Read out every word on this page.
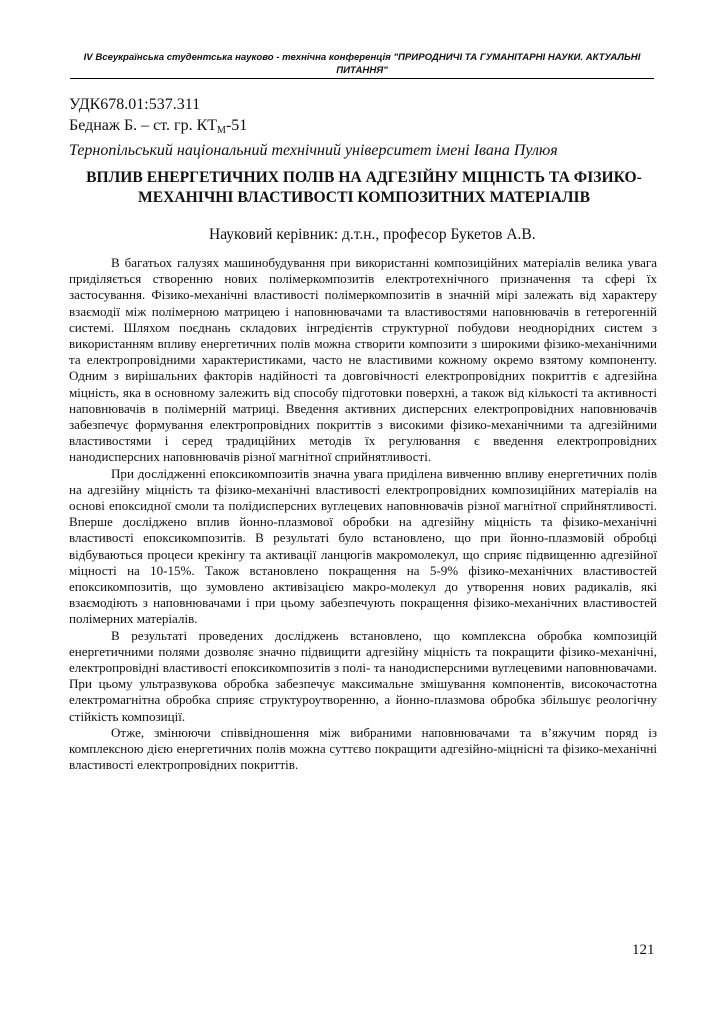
IV Всеукраїнська студентська науково - технічна конференція "ПРИРОДНИЧІ ТА ГУМАНІТАРНІ НАУКИ. АКТУАЛЬНІ ПИТАННЯ"
УДК678.01:537.311
Беднаж Б. – ст. гр. $КТ_М-51$
Тернопільський національний технічний університет імені Івана Пулюя
ВПЛИВ ЕНЕРГЕТИЧНИХ ПОЛІВ НА АДГЕЗІЙНУ МІЦНІСТЬ ТА ФІЗИКО-МЕХАНІЧНІ ВЛАСТИВОСТІ КОМПОЗИТНИХ МАТЕРІАЛІВ
Науковий керівник: д.т.н., професор Букетов А.В.

В багатьох галузях машинобудування при використанні композиційних матеріалів велика увага приділяється створенню нових полімеркомпозитів електротехнічного призначення та сфері їх застосування. Фізико-механічні властивості полімеркомпозитів в значній мірі залежать від характеру взаємодії між полімерною матрицею і наповнювачами та властивостями наповнювачів в гетерогенній системі. Шляхом поєднань складових інгредієнтів структурної побудови неоднорідних систем з використанням впливу енергетичних полів можна створити композити з широкими фізико-механічними та електропровідними характеристиками, часто не властивими кожному окремо взятому компоненту. Одним з вирішальних факторів надійності та довговічності електропровідних покриттів є адгезійна міцність, яка в основному залежить від способу підготовки поверхні, а також від кількості та активності наповнювачів в полімерній матриці. Введення активних дисперсних електропровідних наповнювачів забезпечує формування електропровідних покриттів з високими фізико-механічними та адгезійними властивостями і серед традиційних методів їх регулювання є введення електропровідних нанодисперсних наповнювачів різної магнітної сприйнятливості.

При дослідженні епоксикомпозитів значна увага приділена вивченню впливу енергетичних полів на адгезійну міцність та фізико-механічні властивості електропровідних композиційних матеріалів на основі епоксидної смоли та полідисперсних вуглецевих наповнювачів різної магнітної сприйнятливості. Вперше досліджено вплив йонно-плазмової обробки на адгезійну міцність та фізико-механічні властивості епоксикомпозитів. В результаті було встановлено, що при йонно-плазмовій обробці відбуваються процеси крекінгу та активації ланцюгів макромолекул, що сприяє підвищенню адгезійної міцності на 10-15%. Також встановлено покращення на 5-9% фізико-механічних властивостей епоксикомпозитів, що зумовлено активізацією макро-молекул до утворення нових радикалів, які взаємодіють з наповнювачами і при цьому забезпечують покращення фізико-механічних властивостей полімерних матеріалів.

В результаті проведених досліджень встановлено, що комплексна обробка композицій енергетичними полями дозволяє значно підвищити адгезійну міцність та покращити фізико-механічні, електропровідні властивості епоксикомпозитів з полі- та нанодисперсними вуглецевими наповнювачами. При цьому ультразвукова обробка забезпечує максимальне змішування компонентів, високочастотна електромагнітна обробка сприяє структуроутворенню, а йонно-плазмова обробка збільшує реологічну стійкість композиції.

Отже, змінюючи співвідношення між вибраними наповнювачами та в’яжучим поряд із комплексною дією енергетичних полів можна суттєво покращити адгезійно-міцнісні та фізико-механічні властивості електропровідних покриттів.

121
